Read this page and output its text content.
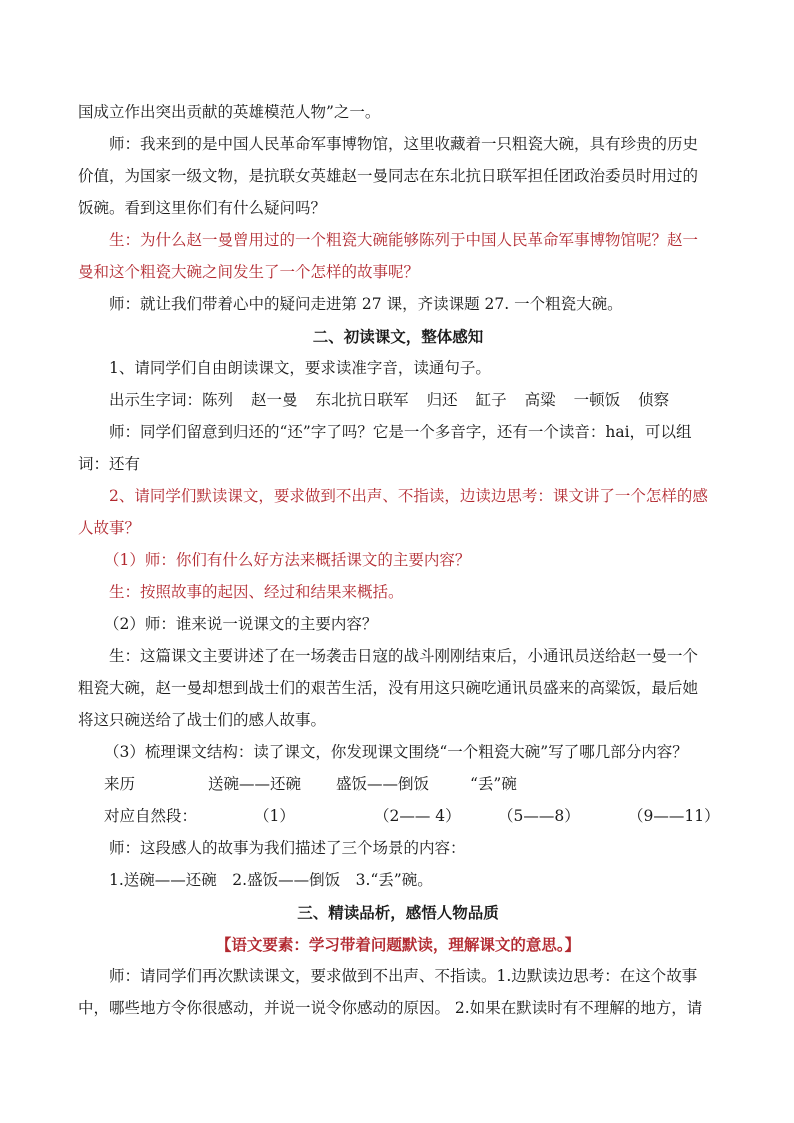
国成立作出突出贡献的英雄模范人物”之一。
师：我来到的是中国人民革命军事博物馆，这里收藏着一只粗瓷大碗，具有珍贵的历史
价值，为国家一级文物，是抗联女英雄赵一曼同志在东北抗日联军担任团政治委员时用过的
饭碗。看到这里你们有什么疑问吗？
生：为什么赵一曼曾用过的一个粗瓷大碗能够陈列于中国人民革命军事博物馆呢？赵一
曼和这个粗瓷大碗之间发生了一个怎样的故事呢？
师：就让我们带着心中的疑问走进第 27 课，齐读课题 27. 一个粗瓷大碗。
二、初读课文，整体感知
1、请同学们自由朗读课文，要求读准字音，读通句子。
出示生字词： 陈列 赵一曼 东北抗日联军 归还 缸子 高粱 一顿饭 侦察
师：同学们留意到归还的“还”字了吗？它是一个多音字，还有一个读音：hai，可以组
词：还有
2、请同学们默读课文，要求做到不出声、不指读，边读边思考：课文讲了一个怎样的感
人故事？
（1）师：你们有什么好方法来概括课文的主要内容？
生：按照故事的起因、经过和结果来概括。
（2）师：谁来说一说课文的主要内容？
生：这篇课文主要讲述了在一场袭击日寇的战斗刚刚结束后，小通讯员送给赵一曼一个
粗瓷大碗，赵一曼却想到战士们的艰苦生活，没有用这只碗吃通讯员盛来的高粱饭，最后她
将这只碗送给了战士们的感人故事。
（3）梳理课文结构：读了课文，你发现课文围绕“一个粗瓷大碗”写了哪几部分内容？
来历	送碗——还碗 盛饭——倒饭	“丢”碗
对应自然段：	（1）	（2—— 4） （5——8）	（9——11）
师：这段感人的故事为我们描述了三个场景的内容：
1.送碗——还碗　2.盛饭——倒饭　3.“丢”碗。
三、精读品析，感悟人物品质
【语文要素：学习带着问题默读，理解课文的意思。】
师：请同学们再次默读课文，要求做到不出声、不指读。1.边默读边思考：在这个故事
中，哪些地方令你很感动，并说一说令你感动的原因。 2.如果在默读时有不理解的地方，请
